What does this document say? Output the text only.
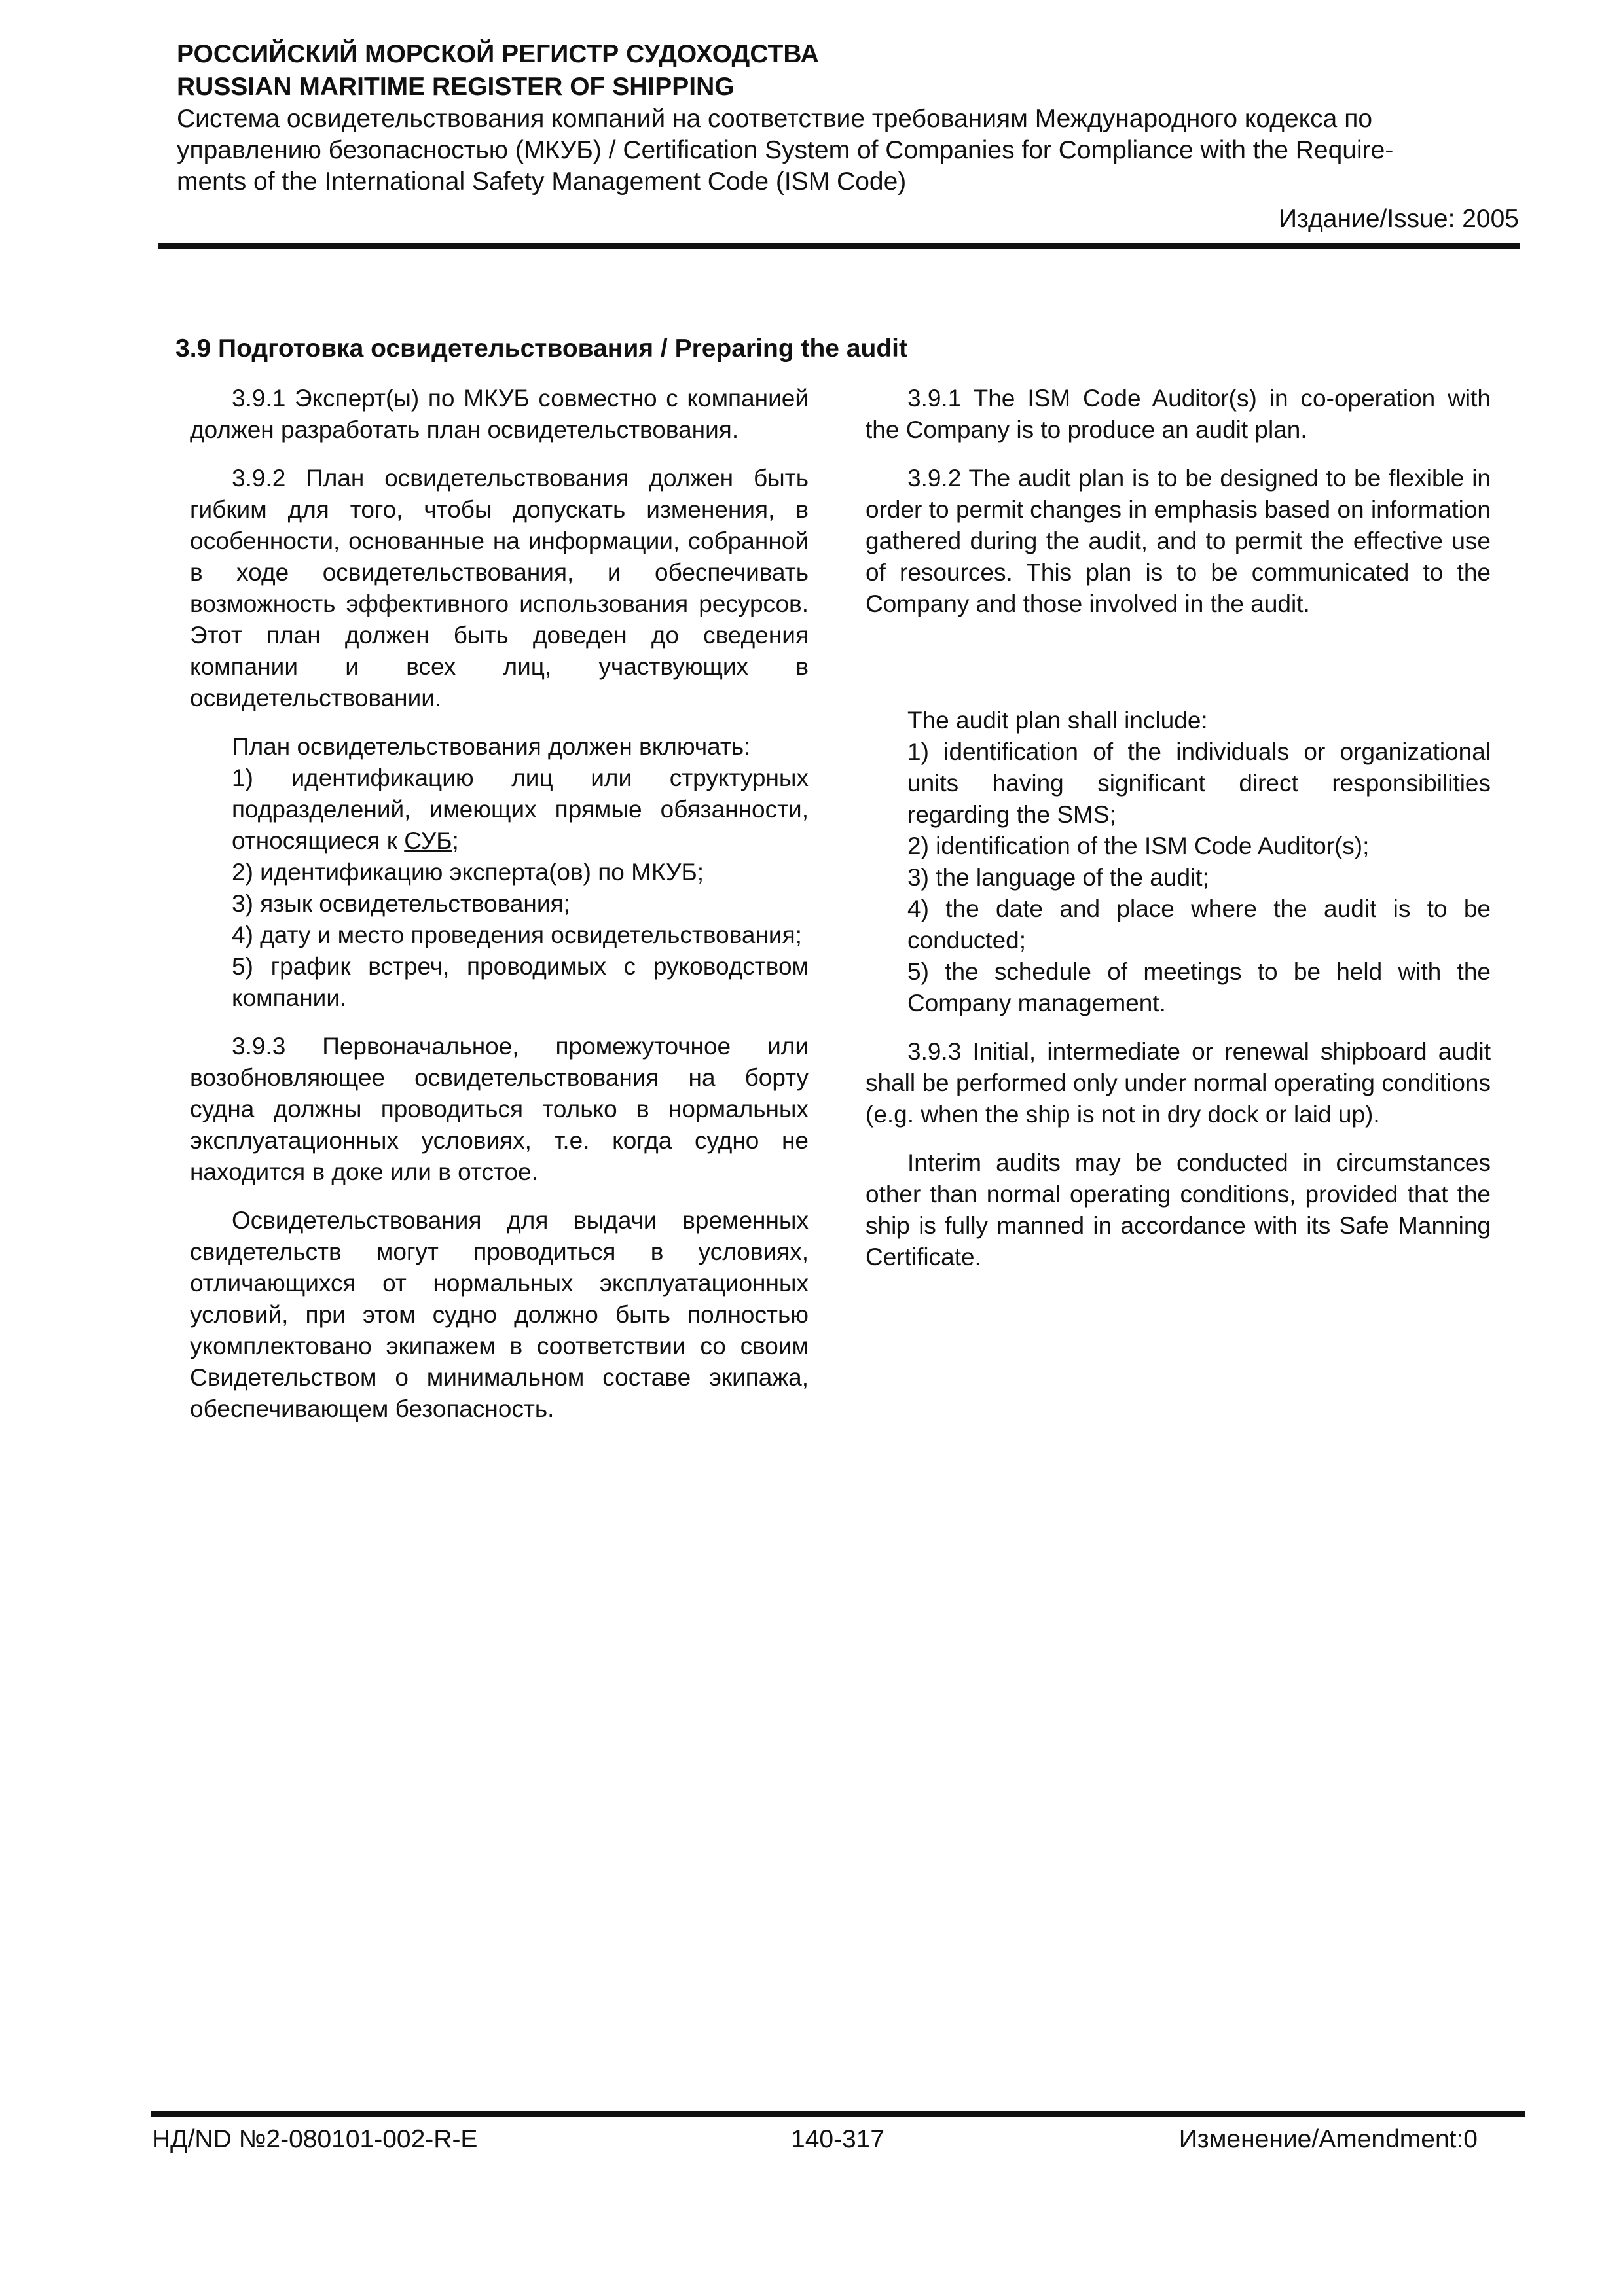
РОССИЙСКИЙ МОРСКОЙ РЕГИСТР СУДОХОДСТВА

RUSSIAN MARITIME REGISTER OF SHIPPING

Система освидетельствования компаний на соответствие требованиям Международного кодекса по

управлению безопасностью (МКУБ) / Certification System of Companies for Compliance with the Require-

ments of the International Safety Management Code (ISM Code)

Издание/Issue: 2005
3.9 Подготовка освидетельствования / Preparing the audit

3.9.1 Эксперт(ы) по МКУБ совместно с компанией должен разработать план освидетельствования.

3.9.2 План освидетельствования должен быть гибким для того, чтобы допускать изменения, в особенности, основанные на информации, собранной в ходе освидетельствования, и обеспечивать возможность эффективного использования ресурсов. Этот план должен быть доведен до сведения компании и всех лиц, участвующих в освидетельствовании.

План освидетельствования должен включать:

1) идентификацию лиц или структурных подразделений, имеющих прямые обязанности, относящиеся к СУБ;
2) идентификацию эксперта(ов) по МКУБ;
3) язык освидетельствования;
4) дату и место проведения освидетельствования;
5) график встреч, проводимых с руководством компании.

3.9.3 Первоначальное, промежуточное или возобновляющее освидетельствования на борту судна должны проводиться только в нормальных эксплуатационных условиях, т.е. когда судно не находится в доке или в отстое.

Освидетельствования для выдачи временных свидетельств могут проводиться в условиях, отличающихся от нормальных эксплуатационных условий, при этом судно должно быть полностью укомплектовано экипажем в соответствии со своим Свидетельством о минимальном составе экипажа, обеспечивающем безопасность.

3.9.1 The ISM Code Auditor(s) in co-operation with the Company is to produce an audit plan.

3.9.2 The audit plan is to be designed to be flexible in order to permit changes in emphasis based on information gathered during the audit, and to permit the effective use of resources. This plan is to be communicated to the Company and those involved in the audit.

The audit plan shall include:

1) identification of the individuals or organizational units having significant direct responsibilities regarding the SMS;
2) identification of the ISM Code Auditor(s);
3) the language of the audit;
4) the date and place where the audit is to be conducted;
5) the schedule of meetings to be held with the Company management.

3.9.3 Initial, intermediate or renewal shipboard audit shall be performed only under normal operating conditions (e.g. when the ship is not in dry dock or laid up).

Interim audits may be conducted in circumstances other than normal operating conditions, provided that the ship is fully manned in accordance with its Safe Manning Certificate.

НД/ND №2-080101-002-R-E	140-317	Изменение/Amendment:0
